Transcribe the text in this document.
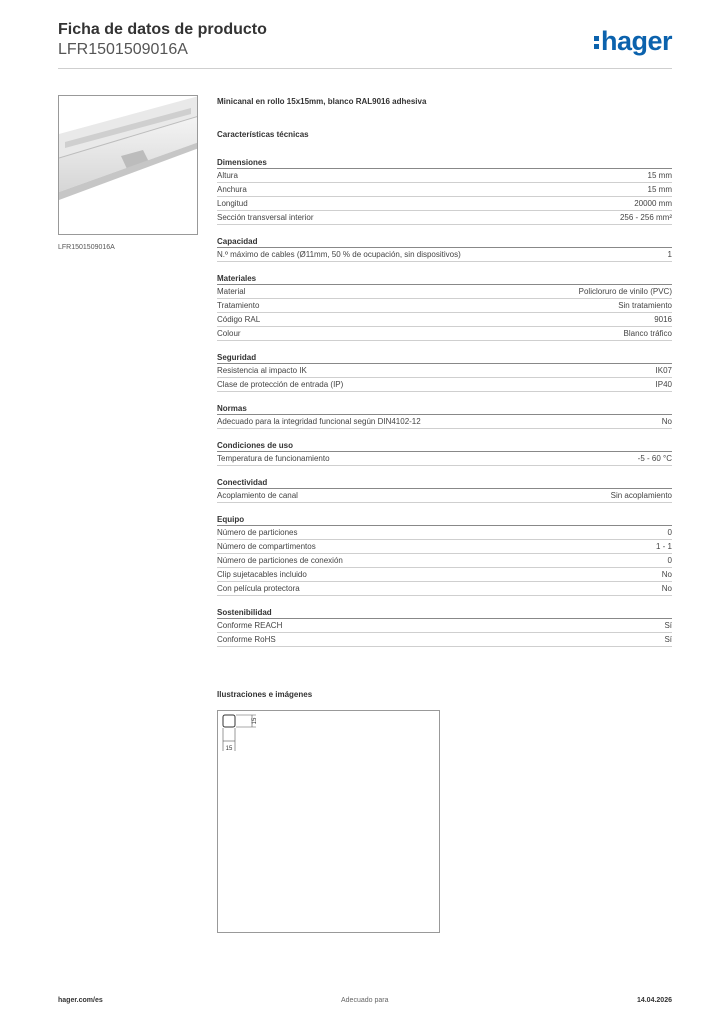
Ficha de datos de producto
LFR1501509016A	hager
LFR1501509016A
Minicanal en rollo 15x15mm, blanco RAL9016 adhesiva
Características técnicas
Dimensiones
Altura	15 mm
Anchura	15 mm
Longitud	20000 mm
Sección transversal interior	256 - 256 mm²
Capacidad
N.º máximo de cables (Ø11mm, 50 % de ocupación, sin dispositivos)	1
Materiales
Material	Policloruro de vinilo (PVC)
Tratamiento	Sin tratamiento
Código RAL	9016
Colour	Blanco tráfico
Seguridad
Resistencia al impacto IK	IK07
Clase de protección de entrada (IP)	IP40
Normas
Adecuado para la integridad funcional según DIN4102-12	No
Condiciones de uso
Temperatura de funcionamiento	-5 - 60 °C
Conectividad
Acoplamiento de canal	Sin acoplamiento
Equipo
Número de particiones	0
Número de compartimentos	1 - 1
Número de particiones de conexión	0
Clip sujetacables incluido	No
Con película protectora	No
Sostenibilidad
Conforme REACH	Sí
Conforme RoHS	Sí
Ilustraciones e imágenes
15
15
hager.com/es	Adecuado para	14.04.2026
